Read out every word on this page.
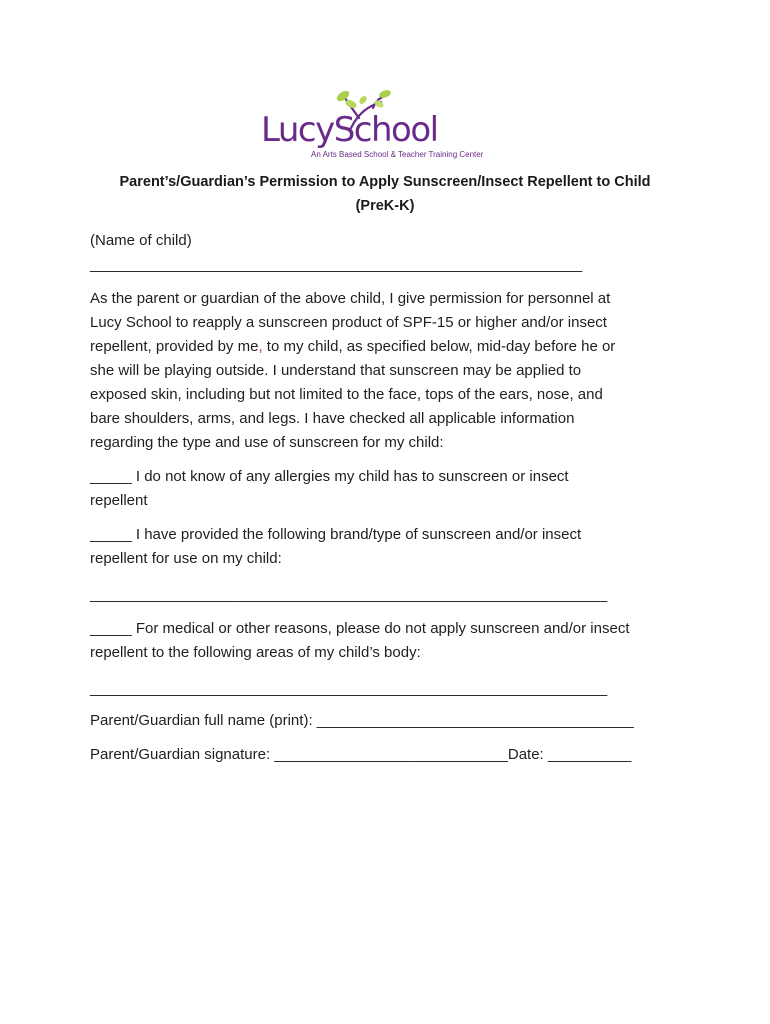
LucySchool
An Arts Based School & Teacher Training Center
Parent’s/Guardian’s Permission to Apply Sunscreen/Insect Repellent to Child
(PreK-K)
(Name of child)
___________________________________________________________
As the parent or guardian of the above child, I give permission for personnel at
Lucy School to reapply a sunscreen product of SPF-15 or higher and/or insect
repellent, provided by me, to my child, as specified below, mid-day before he or
she will be playing outside. I understand that sunscreen may be applied to
exposed skin, including but not limited to the face, tops of the ears, nose, and
bare shoulders, arms, and legs. I have checked all applicable information
regarding the type and use of sunscreen for my child:
_____ I do not know of any allergies my child has to sunscreen or insect
repellent
_____ I have provided the following brand/type of sunscreen and/or insect
repellent for use on my child:
______________________________________________________________
_____ For medical or other reasons, please do not apply sunscreen and/or insect
repellent to the following areas of my child’s body:
______________________________________________________________
Parent/Guardian full name (print): ______________________________________
Parent/Guardian signature: ____________________________Date: __________
